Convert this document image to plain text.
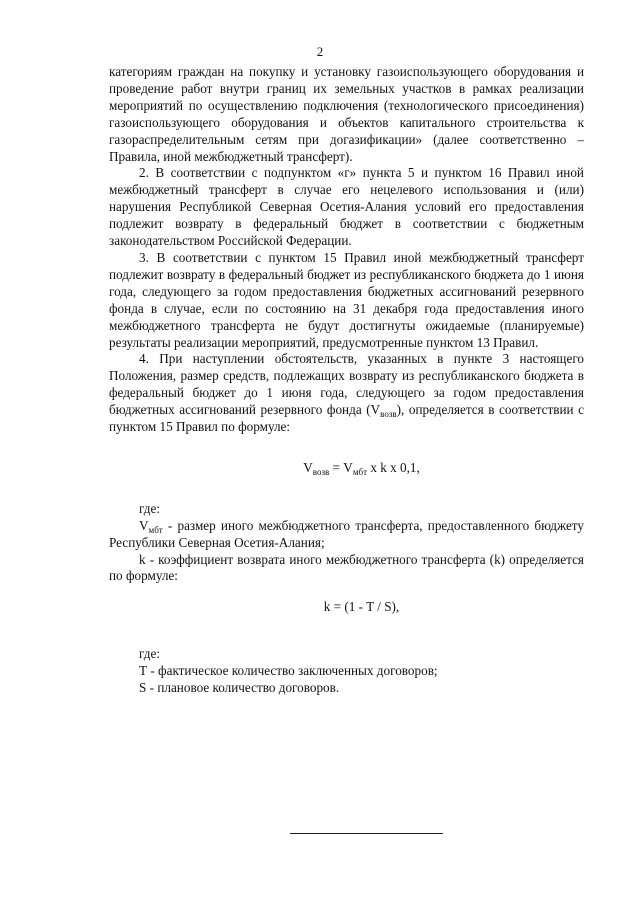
2

категориям граждан на покупку и установку газоиспользующего оборудования и проведение работ внутри границ их земельных участков в рамках реализации мероприятий по осуществлению подключения (технологического присоединения) газоиспользующего оборудования и объектов капитального строительства к газораспределительным сетям при догазификации» (далее соответственно – Правила, иной межбюджетный трансферт).

2. В соответствии с подпунктом «г» пункта 5 и пунктом 16 Правил иной межбюджетный трансферт в случае его нецелевого использования и (или) нарушения Республикой Северная Осетия-Алания условий его предоставления подлежит возврату в федеральный бюджет в соответствии с бюджетным законодательством Российской Федерации.

3. В соответствии с пунктом 15 Правил иной межбюджетный трансферт подлежит возврату в федеральный бюджет из республиканского бюджета до 1 июня года, следующего за годом предоставления бюджетных ассигнований резервного фонда в случае, если по состоянию на 31 декабря года предоставления иного межбюджетного трансферта не будут достигнуты ожидаемые (планируемые) результаты реализации мероприятий, предусмотренные пунктом 13 Правил.

4. При наступлении обстоятельств, указанных в пункте 3 настоящего Положения, размер средств, подлежащих возврату из республиканского бюджета в федеральный бюджет до 1 июня года, следующего за годом предоставления бюджетных ассигнований резервного фонда $(V_{возв})$, определяется в соответствии с пунктом 15 Правил по формуле:

$V_{возв} = V_{мбт}$ x k x 0,1,

где:

$V_{мбт}$ - размер иного межбюджетного трансферта, предоставленного бюджету Республики Северная Осетия-Алания;

k - коэффициент возврата иного межбюджетного трансферта (k) определяется по формуле:

k = (1 - T / S),

где:

Т - фактическое количество заключенных договоров;

S - плановое количество договоров.
